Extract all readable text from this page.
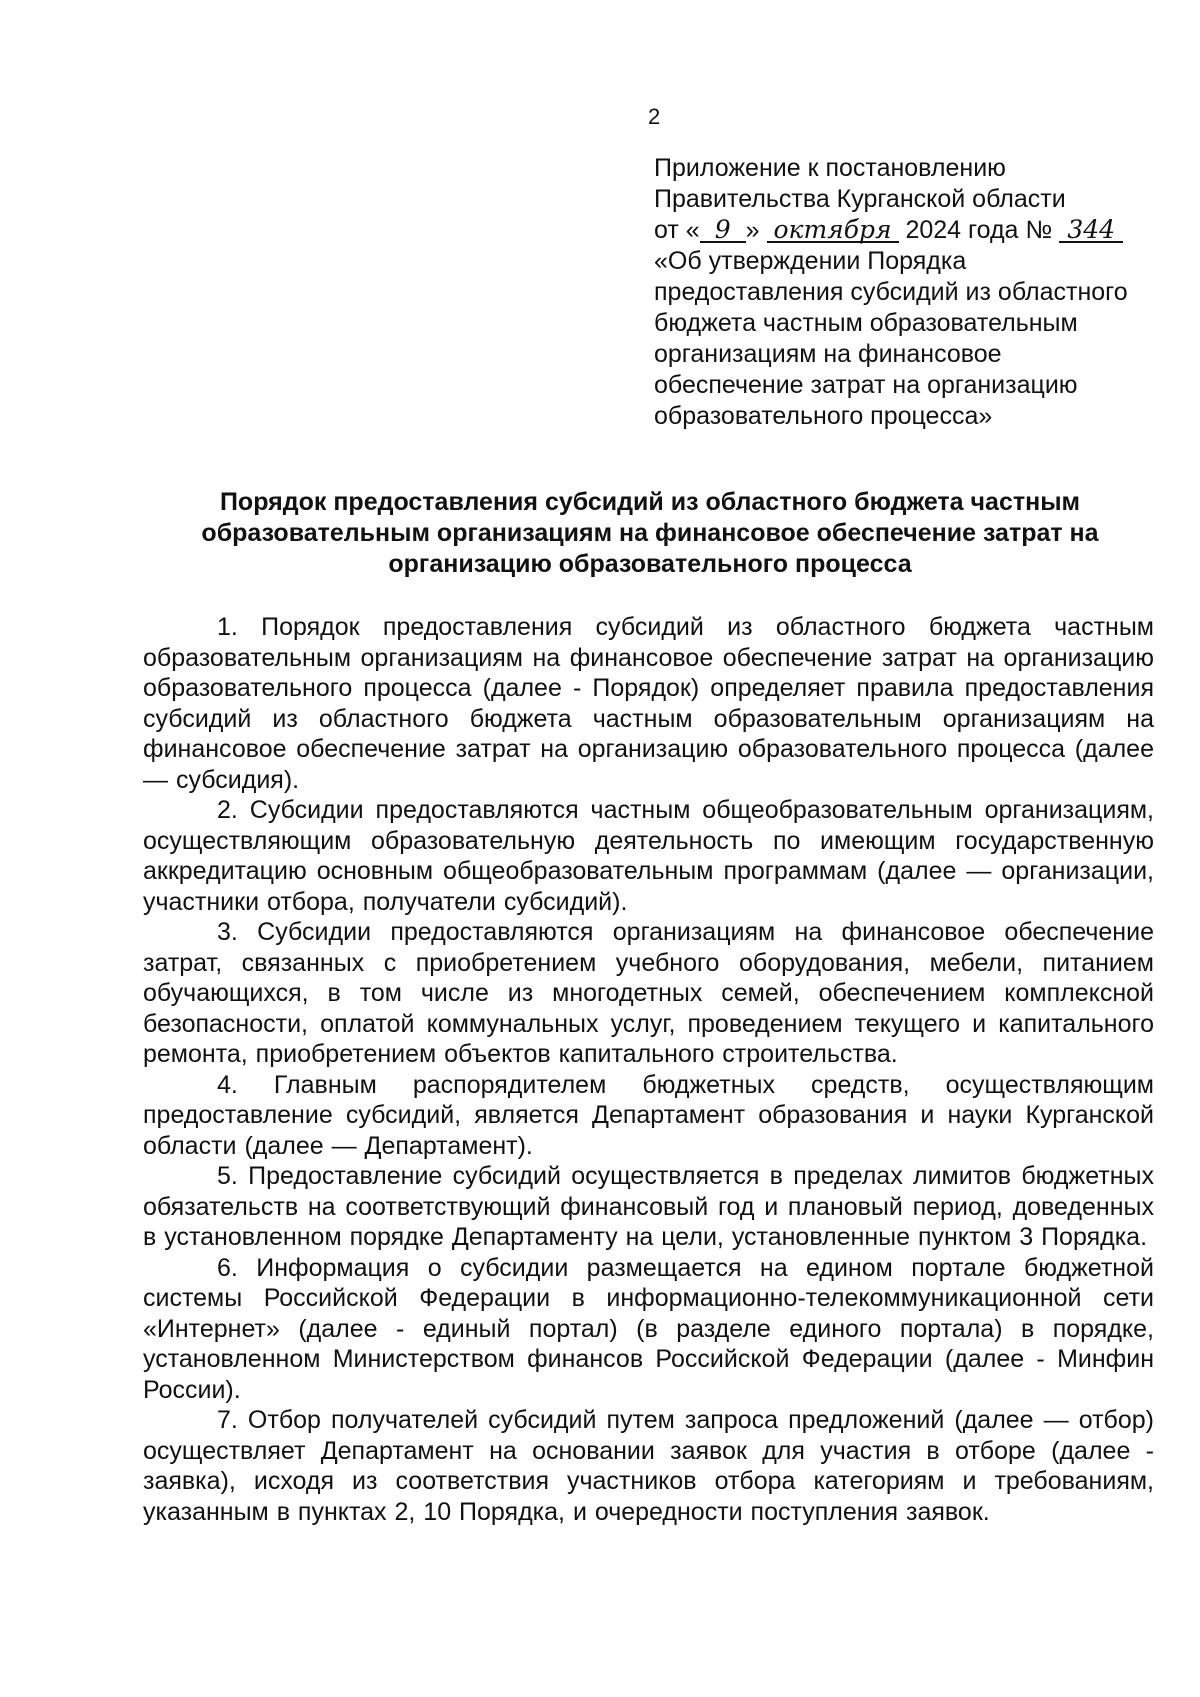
2
Приложение к постановлению
Правительства Курганской области
от « 9 » октября 2024 года № 344
«Об утверждении Порядка
предоставления субсидий из областного
бюджета частным образовательным
организациям на финансовое
обеспечение затрат на организацию
образовательного процесса»
Порядок предоставления субсидий из областного бюджета частным
образовательным организациям на финансовое обеспечение затрат на
организацию образовательного процесса

1. Порядок предоставления субсидий из областного бюджета частным образовательным организациям на финансовое обеспечение затрат на организацию образовательного процесса (далее - Порядок) определяет правила предоставления субсидий из областного бюджета частным образовательным организациям на финансовое обеспечение затрат на организацию образовательного процесса (далее — субсидия).

2. Субсидии предоставляются частным общеобразовательным организациям, осуществляющим образовательную деятельность по имеющим государственную аккредитацию основным общеобразовательным программам (далее — организации, участники отбора, получатели субсидий).

3. Субсидии предоставляются организациям на финансовое обеспечение затрат, связанных с приобретением учебного оборудования, мебели, питанием обучающихся, в том числе из многодетных семей, обеспечением комплексной безопасности, оплатой коммунальных услуг, проведением текущего и капитального ремонта, приобретением объектов капитального строительства.

4. Главным распорядителем бюджетных средств, осуществляющим предоставление субсидий, является Департамент образования и науки Курганской области (далее — Департамент).

5. Предоставление субсидий осуществляется в пределах лимитов бюджетных обязательств на соответствующий финансовый год и плановый период, доведенных в установленном порядке Департаменту на цели, установленные пунктом 3 Порядка.

6. Информация о субсидии размещается на едином портале бюджетной системы Российской Федерации в информационно-телекоммуникационной сети «Интернет» (далее - единый портал) (в разделе единого портала) в порядке, установленном Министерством финансов Российской Федерации (далее - Минфин России).

7. Отбор получателей субсидий путем запроса предложений (далее — отбор) осуществляет Департамент на основании заявок для участия в отборе (далее - заявка), исходя из соответствия участников отбора категориям и требованиям, указанным в пунктах 2, 10 Порядка, и очередности поступления заявок.
